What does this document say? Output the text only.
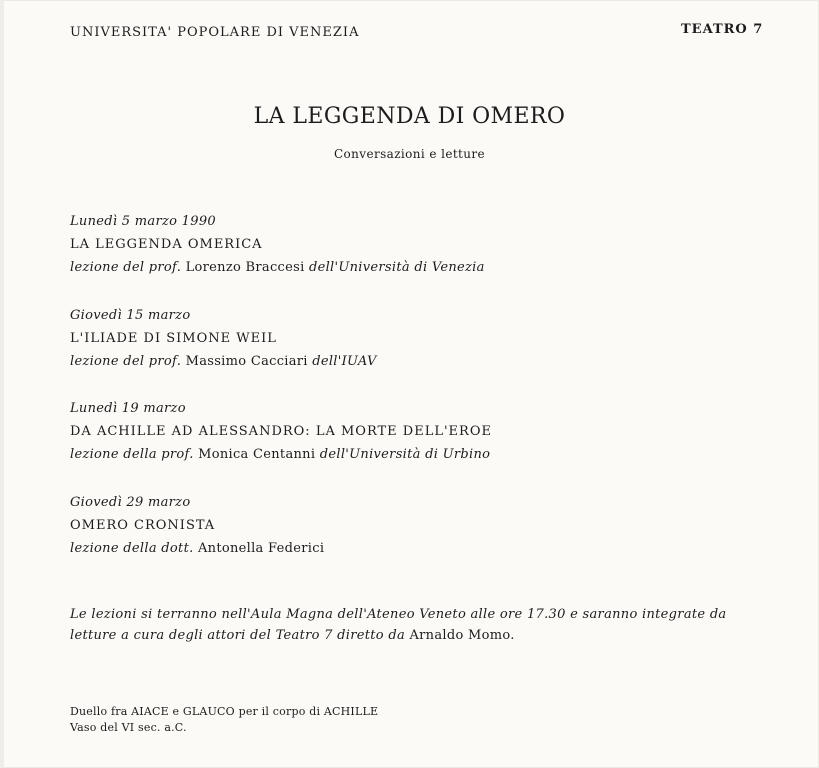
UNIVERSITA' POPOLARE DI VENEZIA	TEATRO 7
LA LEGGENDA DI OMERO
Conversazioni e letture
Lunedì 5 marzo 1990
LA LEGGENDA OMERICA
lezione del prof. Lorenzo Braccesi dell'Università di Venezia
Giovedì 15 marzo
L'ILIADE DI SIMONE WEIL
lezione del prof. Massimo Cacciari dell'IUAV
Lunedì 19 marzo
DA ACHILLE AD ALESSANDRO: LA MORTE DELL'EROE
lezione della prof. Monica Centanni dell'Università di Urbino
Giovedì 29 marzo
OMERO CRONISTA
lezione della dott. Antonella Federici
Le lezioni si terranno nell'Aula Magna dell'Ateneo Veneto alle ore 17.30 e saranno integrate da letture a cura degli attori del Teatro 7 diretto da Arnaldo Momo.
Duello fra AIACE e GLAUCO per il corpo di ACHILLE
Vaso del VI sec. a.C.
